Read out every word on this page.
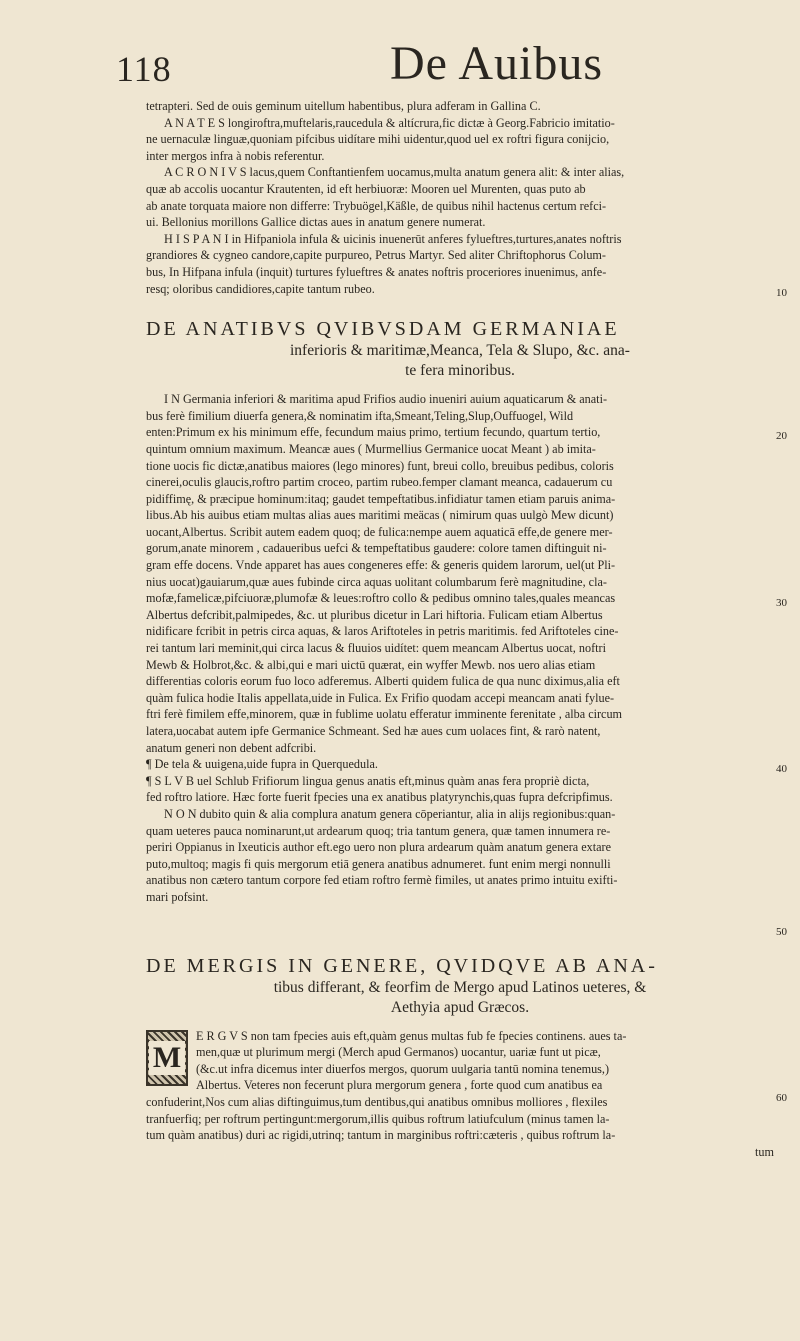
118	De Auibus
10
20
30
40
50
60
tetrapteri. Sed de ouis geminum uitellum habentibus, plura adferam in Gallina C.
A N A T E S longiroftra,muftelaris,raucedula & altícrura,fic dictæ à Georg.Fabricio imitatio-
ne uernaculæ linguæ,quoniam pifcibus uidítare mihi uidentur,quod uel ex roftri figura conijcio,
inter mergos infra à nobis referentur.
A C R O N I V S lacus,quem Conftantienfem uocamus,multa anatum genera alit: & inter alias,
quæ ab accolis uocantur Krautenten, id eft herbiuoræ: Mooren uel Murenten, quas puto ab
ab anate torquata maiore non differre: Trybuögel,Käßle, de quibus nihil hactenus certum refci-
ui. Bellonius morillons Gallice dictas aues in anatum genere numerat.
H I S P A N I in Hifpaniola infula & uicinis inuenerūt anferes fylueftres,turtures,anates noftris
grandiores & cygneo candore,capite purpureo, Petrus Martyr. Sed aliter Chriftophorus Colum-
bus, In Hifpana infula (inquit) turtures fylueftres & anates noftris proceriores inuenimus, anfe-
resq; oloribus candidiores,capite tantum rubeo.
DE ANATIBVS QVIBVSDAM GERMANIAE
inferioris & maritimæ,Meanca, Tela & Slupo, &c. ana-
te fera minoribus.
I N Germania inferiori & maritima apud Frifios audio inueniri auium aquaticarum & anati-
bus ferè fimilium diuerfa genera,& nominatim ifta,Smeant,Teling,Slup,Ouffuogel, Wild
enten:Primum ex his minimum effe, fecundum maius primo, tertium fecundo, quartum tertio,
quintum omnium maximum. Meancæ aues ( Murmellius Germanice uocat Meant ) ab imita-
tione uocis fic dictæ,anatibus maiores (lego minores) funt, breui collo, breuibus pedibus, coloris
cinerei,oculis glaucis,roftro partim croceo, partim rubeo.femper clamant meanca, cadauerum cu
pidiffimę, & præcipue hominum:itaq; gaudet tempeftatibus.infidiatur tamen etiam paruis anima-
libus.Ab his auibus etiam multas alias aues maritimi meäcas ( nimirum quas uulgò Mew dicunt)
uocant,Albertus. Scribit autem eadem quoq; de fulica:nempe auem aquaticā effe,de genere mer-
gorum,anate minorem , cadaueribus uefci & tempeftatibus gaudere: colore tamen diftinguit ni-
gram effe docens. Vnde apparet has aues congeneres effe: & generis quidem larorum, uel(ut Pli-
nius uocat)gauiarum,quæ aues fubinde circa aquas uolitant columbarum ferè magnitudine, cla-
mofæ,famelicæ,pifciuoræ,plumofæ & leues:roftro collo & pedibus omnino tales,quales meancas
Albertus defcribit,palmipedes, &c. ut pluribus dicetur in Lari hiftoria. Fulicam etiam Albertus
nidificare fcribit in petris circa aquas, & laros Ariftoteles in petris maritimis. fed Ariftoteles cine-
rei tantum lari meminit,qui circa lacus & fluuios uidítet: quem meancam Albertus uocat, noftri
Mewb & Holbrot,&c. & albi,qui e mari uictū quærat, ein wyffer Mewb. nos uero alias etiam
differentias coloris eorum fuo loco adferemus. Alberti quidem fulica de qua nunc diximus,alia eft
quàm fulica hodie Italis appellata,uide in Fulica. Ex Frifio quodam accepi meancam anati fylue-
ftri ferè fimilem effe,minorem, quæ in fublime uolatu efferatur imminente ferenitate , alba circum
latera,uocabat autem ipfe Germanice Schmeant. Sed hæ aues cum uolaces fint, & rarò natent,
anatum generi non debent adfcribi.
¶ De tela & uuigena,uide fupra in Querquedula.
¶ S L V B uel Schlub Frifiorum lingua genus anatis eft,minus quàm anas fera propriè dicta,
fed roftro latiore. Hæc forte fuerit fpecies una ex anatibus platyrynchis,quas fupra defcripfimus.
N O N dubito quin & alia complura anatum genera cōperiantur, alia in alijs regionibus:quan-
quam ueteres pauca nominarunt,ut ardearum quoq; tria tantum genera, quæ tamen innumera re-
periri Oppianus in Ixeuticis author eft.ego uero non plura ardearum quàm anatum genera extare
puto,multoq; magis fi quis mergorum etiā genera anatibus adnumeret. funt enim mergi nonnulli
anatibus non cætero tantum corpore fed etiam roftro fermè fimiles, ut anates primo intuitu exifti-
mari pofsint.
DE MERGIS IN GENERE, QVIDQVE AB ANA-
tibus differant, & feorfim de Mergo apud Latinos ueteres, &
Aethyia apud Græcos.
M
E R G V S non tam fpecies auis eft,quàm genus multas fub fe fpecies continens. aues ta-
men,quæ ut plurimum mergi (Merch apud Germanos) uocantur, uariæ funt ut picæ,
(&c.ut infra dicemus inter diuerfos mergos, quorum uulgaria tantū nomina tenemus,)
Albertus. Veteres non fecerunt plura mergorum genera , forte quod cum anatibus ea
confuderint,Nos cum alias diftinguimus,tum dentibus,qui anatibus omnibus molliores , flexiles
tranfuerfiq; per roftrum pertingunt:mergorum,illis quibus roftrum latiufculum (minus tamen la-
tum quàm anatibus) duri ac rigidi,utrinq; tantum in marginibus roftri:cæteris , quibus roftrum la-
tum
